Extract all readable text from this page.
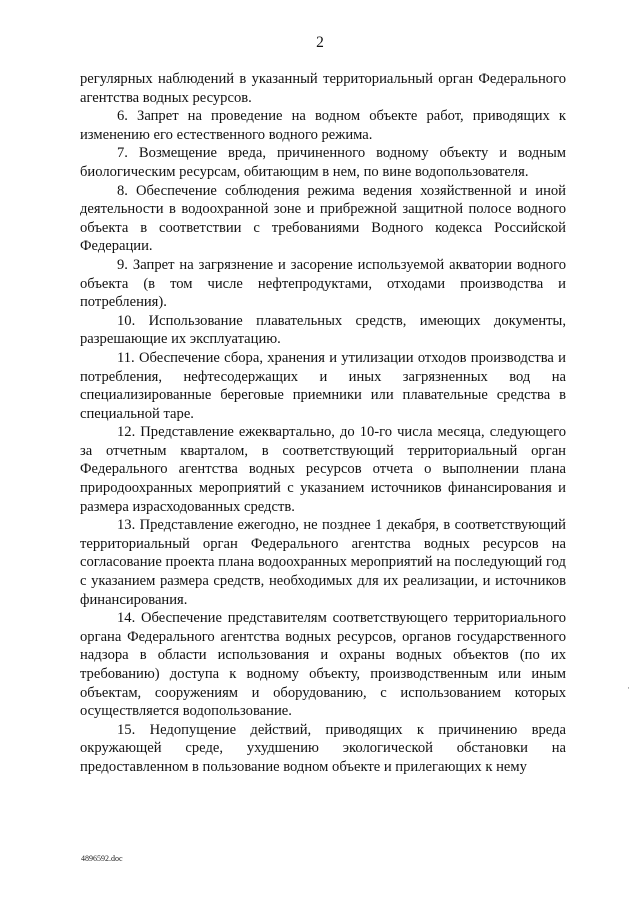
2

регулярных наблюдений в указанный территориальный орган Федерального агентства водных ресурсов.

6. Запрет на проведение на водном объекте работ, приводящих к изменению его естественного водного режима.

7. Возмещение вреда, причиненного водному объекту и водным биологическим ресурсам, обитающим в нем, по вине водопользователя.

8. Обеспечение соблюдения режима ведения хозяйственной и иной деятельности в водоохранной зоне и прибрежной защитной полосе водного объекта в соответствии с требованиями Водного кодекса Российской Федерации.

9. Запрет на загрязнение и засорение используемой акватории водного объекта (в том числе нефтепродуктами, отходами производства и потребления).

10. Использование плавательных средств, имеющих документы, разрешающие их эксплуатацию.

11. Обеспечение сбора, хранения и утилизации отходов производства и потребления, нефтесодержащих и иных загрязненных вод на специализированные береговые приемники или плавательные средства в специальной таре.

12. Представление ежеквартально, до 10-го числа месяца, следующего за отчетным кварталом, в соответствующий территориальный орган Федерального агентства водных ресурсов отчета о выполнении плана природоохранных мероприятий с указанием источников финансирования и размера израсходованных средств.

13. Представление ежегодно, не позднее 1 декабря, в соответствующий территориальный орган Федерального агентства водных ресурсов на согласование проекта плана водоохранных мероприятий на последующий год с указанием размера средств, необходимых для их реализации, и источников финансирования.

14. Обеспечение представителям соответствующего территориального органа Федерального агентства водных ресурсов, органов государственного надзора в области использования и охраны водных объектов (по их требованию) доступа к водному объекту, производственным или иным объектам, сооружениям и оборудованию, с использованием которых осуществляется водопользование.

15. Недопущение действий, приводящих к причинению вреда окружающей среде, ухудшению экологической обстановки на предоставленном в пользование водном объекте и прилегающих к нему

·
4896592.doc
